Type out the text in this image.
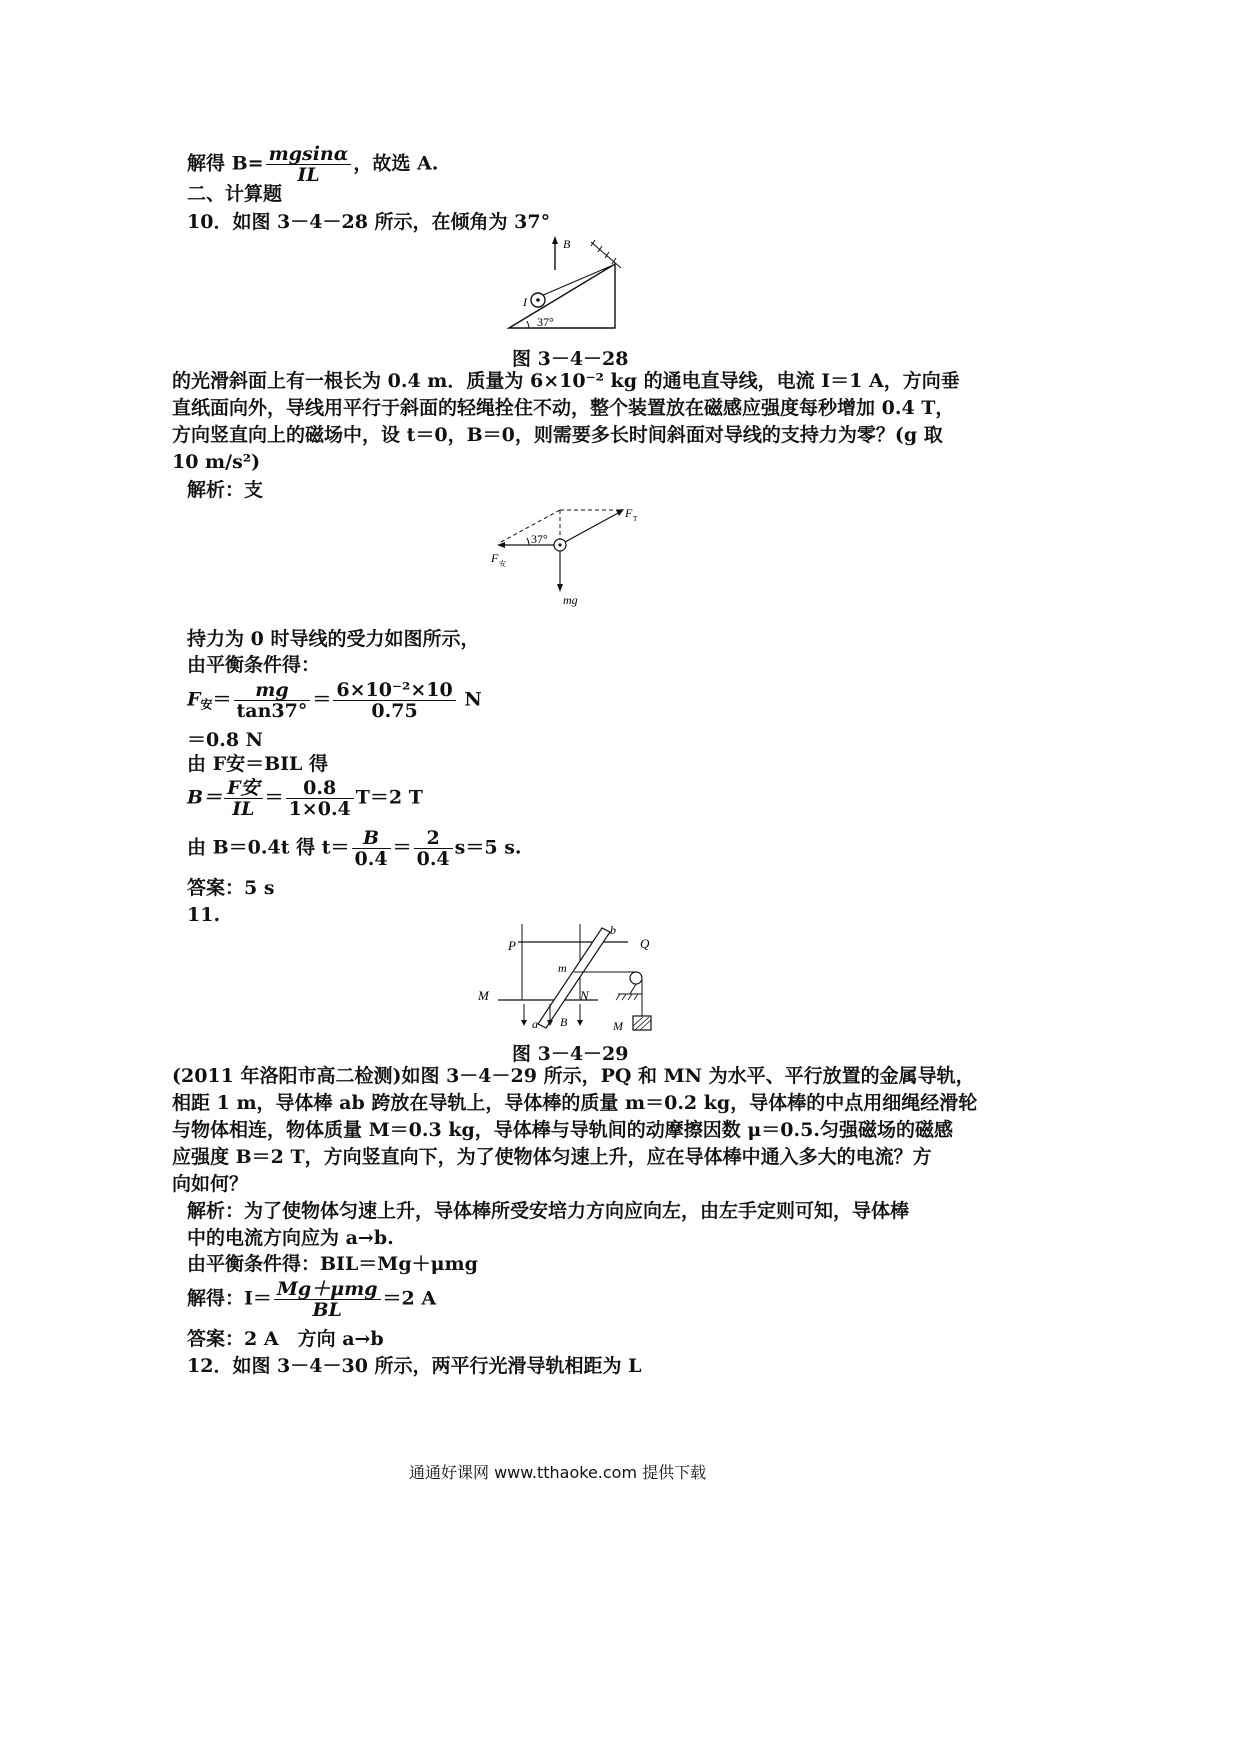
解得 $B= \frac{mgsin\alpha}{IL}$ ，故选 A.
二、计算题
10．如图 3－4－28 所示，在倾角为 37°
B
I
37°
图 3－4－28
的光滑斜面上有一根长为 0.4 m．质量为 6×10⁻² kg 的通电直导线，电流 I＝1 A，方向垂
直纸面向外，导线用平行于斜面的轻绳拴住不动，整个装置放在磁感应强度每秒增加 0.4 T，
方向竖直向上的磁场中，设 t＝0，B＝0，则需要多长时间斜面对导线的支持力为零？(g 取
10 m/s²)
解析：支
F T
F 安
37°
mg
持力为 0 时导线的受力如图所示，
由平衡条件得：
$F_安= \frac{mg}{\tan 37^\circ} = \frac{\text{6×10⁻²×10}}{0.75}$ N
＝0.8 N
由 F安＝BIL 得
$B= \frac{\text{F安}}{IL} = \frac{0.8}{1\times 0.4} T=2$ T
由 B＝0.4t 得 $t= \frac{B}{0.4} = \frac{2}{0.4} s=5$ s.
答案：5 s
11.
P	Q
M	N
b
a
m
M
B
图 3－4－29
(2011 年洛阳市高二检测)如图 3－4－29 所示，PQ 和 MN 为水平、平行放置的金属导轨，
相距 1 m，导体棒 ab 跨放在导轨上，导体棒的质量 m＝0.2 kg，导体棒的中点用细绳经滑轮
与物体相连，物体质量 M＝0.3 kg，导体棒与导轨间的动摩擦因数 μ＝0.5.匀强磁场的磁感
应强度 B＝2 T，方向竖直向下，为了使物体匀速上升，应在导体棒中通入多大的电流？方
向如何？
解析：为了使物体匀速上升，导体棒所受安培力方向应向左，由左手定则可知，导体棒
中的电流方向应为 a→b.
由平衡条件得：BIL＝Mg＋μmg
解得：$I= \frac{\text{Mg＋μmg}}{BL} =2$ A
答案：2 A　方向 a→b
12．如图 3－4－30 所示，两平行光滑导轨相距为 L
通通好课网 www.tthaoke.com 提供下载
